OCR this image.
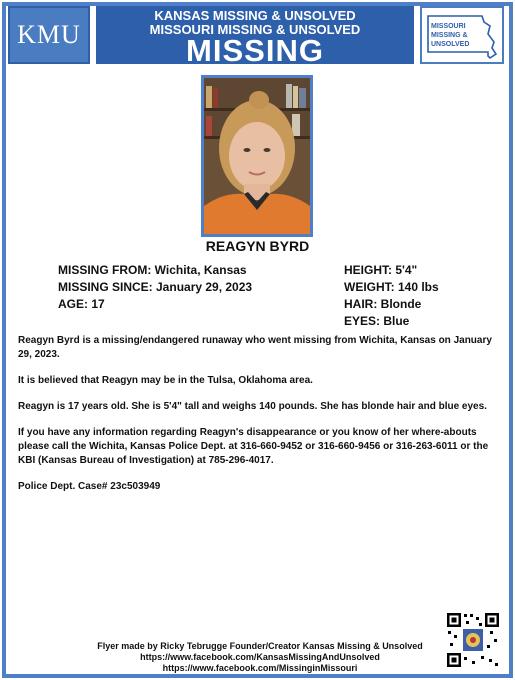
KMU
KANSAS MISSING & UNSOLVED
MISSOURI MISSING & UNSOLVED
MISSING
MISSOURI
MISSING &
UNSOLVED
REAGYN BYRD
MISSING FROM: Wichita, Kansas
MISSING SINCE: January 29, 2023
AGE: 17
HEIGHT: 5'4"
WEIGHT: 140 lbs
HAIR: Blonde
EYES: Blue

Reagyn Byrd is a missing/endangered runaway who went missing from Wichita, Kansas on January 29, 2023.

It is believed that Reagyn may be in the Tulsa, Oklahoma area.

Reagyn is 17 years old. She is 5'4" tall and weighs 140 pounds. She has blonde hair and blue eyes.

If you have any information regarding Reagyn's disappearance or you know of her where-abouts please call the Wichita, Kansas Police Dept. at 316-660-9452 or 316-660-9456 or 316-263-6011 or the KBI (Kansas Bureau of Investigation) at 785-296-4017.

Police Dept. Case# 23c503949

Flyer made by Ricky Tebrugge Founder/Creator Kansas Missing & Unsolved
https://www.facebook.com/KansasMissingAndUnsolved
https://www.facebook.com/MissinginMissouri
